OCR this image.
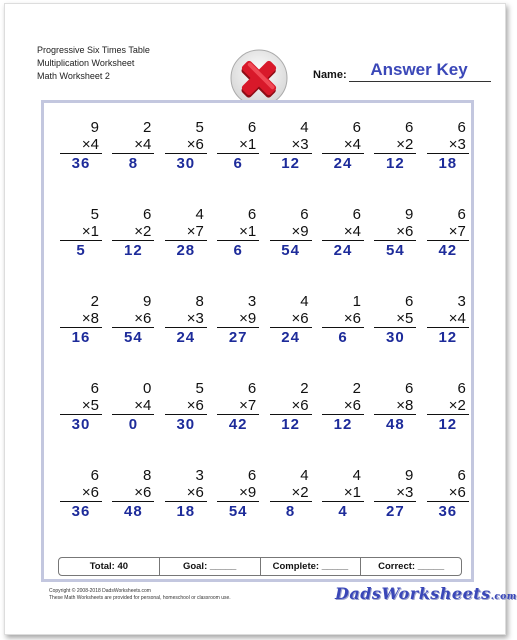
Progressive Six Times Table
Multiplication Worksheet
Math Worksheet 2	Name:	Answer Key
9
×4
36
2
×4
8
5
×6
30
6
×1
6
4
×3
12
6
×4
24
6
×2
12
6
×3
18
5
×1
5
6
×2
12
4
×7
28
6
×1
6
6
×9
54
6
×4
24
9
×6
54
6
×7
42
2
×8
16
9
×6
54
8
×3
24
3
×9
27
4
×6
24
1
×6
6
6
×5
30
3
×4
12
6
×5
30
0
×4
0
5
×6
30
6
×7
42
2
×6
12
2
×6
12
6
×8
48
6
×2
12
6
×6
36
8
×6
48
3
×6
18
6
×9
54
4
×2
8
4
×1
4
9
×3
27
6
×6
36
Total: 40	Goal: _____	Complete: _____	Correct: _____
Copyright © 2008-2018 DadsWorksheets.com
These Math Worksheets are provided for personal, homeschool or classroom use.	DadsWorksheets.com
